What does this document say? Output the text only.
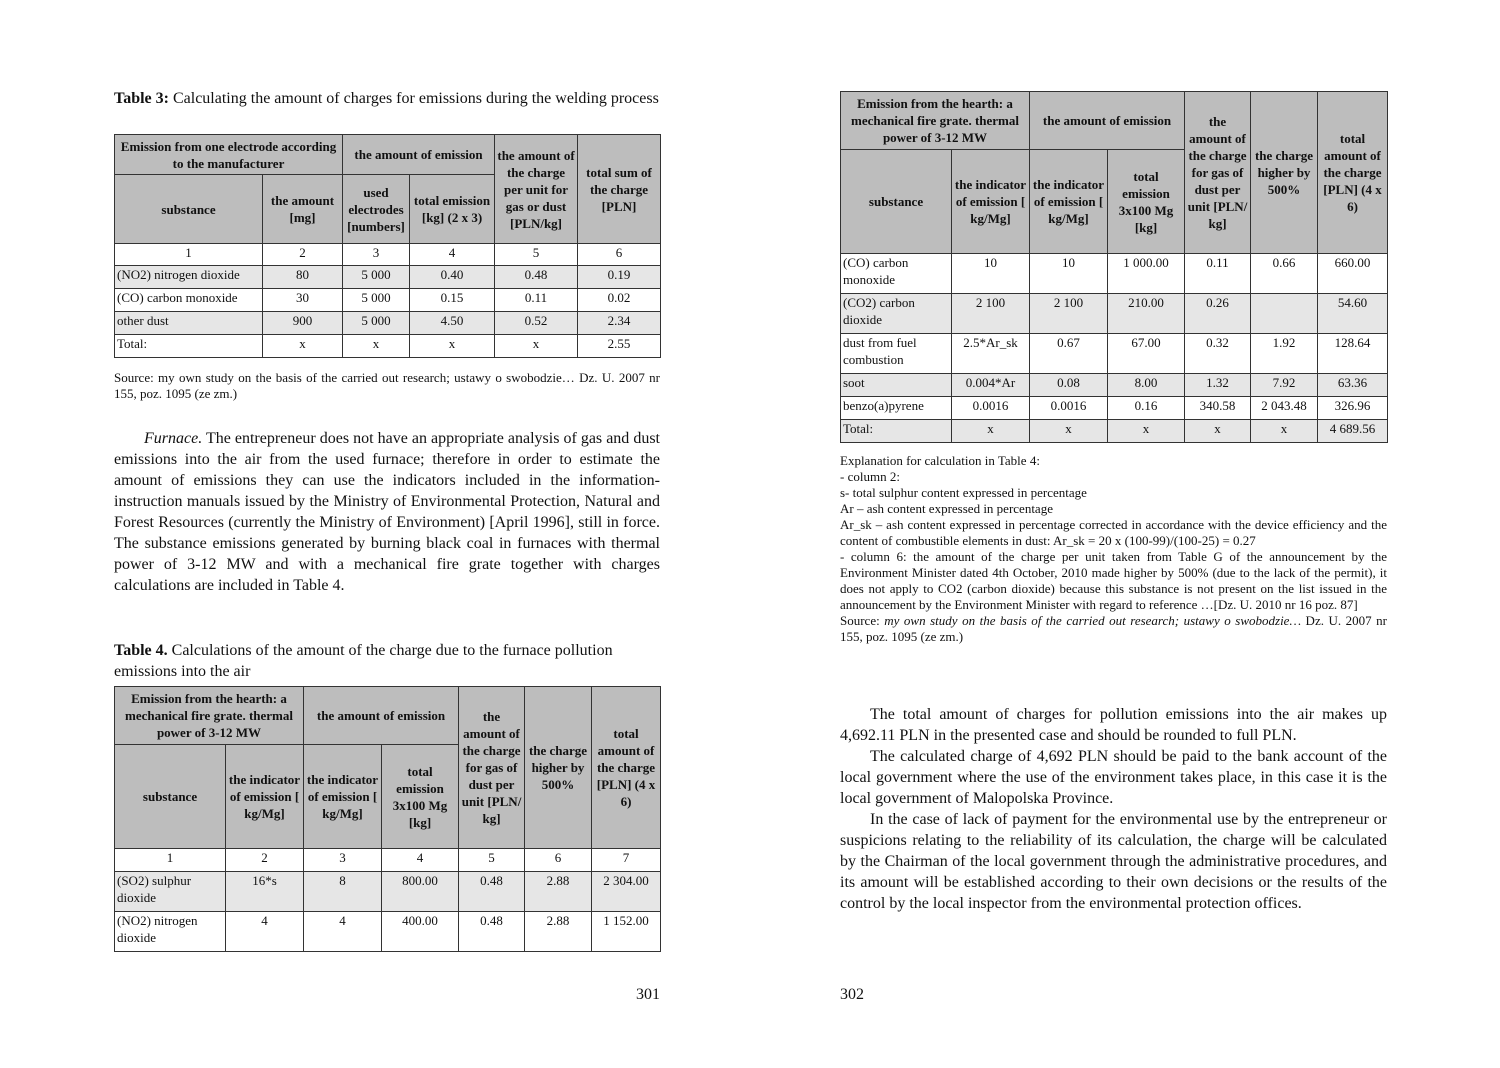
Table 3: Calculating the amount of charges for emissions during the welding process
Emission from one electrode according to the manufacturer		the amount of emission		the amount of the charge per unit for gas or dust [PLN/kg]	total sum of the charge [PLN]
substance	the amount [mg]	used electrodes [numbers]	total emission [kg] (2 x 3)		
1	2	3	4	5	6
(NO2) nitrogen dioxide	80	5 000	0.40	0.48	0.19
(CO) carbon monoxide	30	5 000	0.15	0.11	0.02
other dust	900	5 000	4.50	0.52	2.34
Total:	x	x	x	x	2.55

Source: my own study on the basis of the carried out research; ustawy o swobodzie… Dz. U. 2007 nr 155, poz. 1095 (ze zm.)

Furnace. The entrepreneur does not have an appropriate analysis of gas and dust emissions into the air from the used furnace; therefore in order to estimate the amount of emissions they can use the indicators included in the information-instruction manuals issued by the Ministry of Environmental Protection, Natural and Forest Resources (currently the Ministry of Environment) [April 1996], still in force. The substance emissions generated by burning black coal in furnaces with thermal power of 3-12 MW and with a mechanical fire grate together with charges calculations are included in Table 4.

Table 4. Calculations of the amount of the charge due to the furnace pollution emissions into the air
Emission from the hearth: a mechanical fire grate. thermal power of 3-12 MW		the amount of emission		the amount of the charge for gas of dust per unit [PLN/ kg]	the charge higher by 500%	total amount of the charge [PLN] (4 x 6)
substance	the indicator of emission [ kg/Mg]	the indicator of emission [ kg/Mg]	total emission 3x100 Mg [kg]			
1	2	3	4	5	6	7
(SO2) sulphur dioxide	16*s	8	800.00	0.48	2.88	2 304.00
(NO2) nitrogen dioxide	4	4	400.00	0.48	2.88	1 152.00
301
Emission from the hearth: a mechanical fire grate. thermal power of 3-12 MW		the amount of emission		the amount of the charge for gas of dust per unit [PLN/ kg]	the charge higher by 500%	total amount of the charge [PLN] (4 x 6)
substance	the indicator of emission [ kg/Mg]	the indicator of emission [ kg/Mg]	total emission 3x100 Mg [kg]			
(CO) carbon monoxide	10	10	1 000.00	0.11	0.66	660.00
(CO2) carbon dioxide	2 100	2 100	210.00	0.26		54.60
dust from fuel combustion	2.5*Ar_sk	0.67	67.00	0.32	1.92	128.64
soot	0.004*Ar	0.08	8.00	1.32	7.92	63.36
benzo(a)pyrene	0.0016	0.0016	0.16	340.58	2 043.48	326.96
Total:	x	x	x	x	x	4 689.56

Explanation for calculation in Table 4:

- column 2:

s- total sulphur content expressed in percentage

Ar – ash content expressed in percentage

Ar_sk – ash content expressed in percentage corrected in accordance with the device efficiency and the content of combustible elements in dust: Ar_sk = 20 x (100-99)/(100-25) = 0.27

- column 6: the amount of the charge per unit taken from Table G of the announcement by the Environment Minister dated 4th October, 2010 made higher by 500% (due to the lack of the permit), it does not apply to CO2 (carbon dioxide) because this substance is not present on the list issued in the announcement by the Environment Minister with regard to reference …[Dz. U. 2010 nr 16 poz. 87]

Source: my own study on the basis of the carried out research; ustawy o swobodzie… Dz. U. 2007 nr 155, poz. 1095 (ze zm.)

The total amount of charges for pollution emissions into the air makes up 4,692.11 PLN in the presented case and should be rounded to full PLN.

The calculated charge of 4,692 PLN should be paid to the bank account of the local government where the use of the environment takes place, in this case it is the local government of Malopolska Province.

In the case of lack of payment for the environmental use by the entrepreneur or suspicions relating to the reliability of its calculation, the charge will be calculated by the Chairman of the local government through the administrative procedures, and its amount will be established according to their own decisions or the results of the control by the local inspector from the environmental protection offices.

302
